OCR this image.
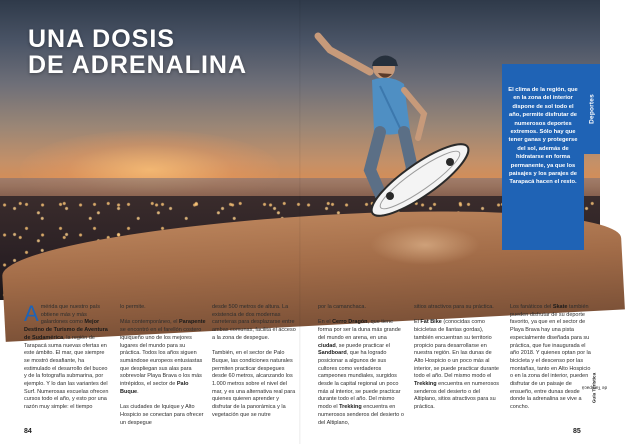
UNA DOSIS
DE ADRENALINA

El clima de la región, que en la zona del interior dispone de sol todo el año, permite disfrutar de numerosos deportes extremos. Sólo hay que tener ganas y protegerse del sol, además de hidratarse en forma permanente, ya que los paisajes y los parajes de Tarapacá hacen el resto.

Deportes

Amérida que nuestro país obtiene más y más galardones como Mejor Destino de Turismo de Aventura de Sudamérica, la región de Tarapacá suma nuevas ofertas en este ámbito. El mar, que siempre se mostró desafiante, ha estimulado el desarrollo del buceo y de la fotografía submarina, por ejemplo. Y lo dan las variantes del Surf. Numerosas escuelas ofrecen cursos todo el año, y esto por una razón muy simple: el tiempo

lo permite.

Más contemporáneo, el Parapente se encontró en el farellón costero iquiqueño uno de los mejores lugares del mundo para su práctica. Todos los años siguen sumándose europeos entusiastas que despliegan sus alas para sobrevolar Playa Brava o los más intrépidos, el sector de Palo Buque.

Las ciudades de Iquique y Alto Hospicio se conectan para ofrecer un despegue

desde 500 metros de altura. La existencia de dos modernas carreteras para desplazarse entre ambas comunas, facilita el acceso a la zona de despegue.

También, en el sector de Palo Buque, las condiciones naturales permiten practicar despegues desde 60 metros, alcanzando los 1.000 metros sobre el nivel del mar, y es una alternativa real para quienes quieren aprender y disfrutar de la panorámica y la vegetación que se nutre

por la camanchaca.

En el Cerro Dragón, que tiene forma por ser la duna más grande del mundo en arena, en una ciudad, se puede practicar el Sandboard, que ha logrado posicionar a algunos de sus cultores como verdaderos campeones mundiales, surgidos desde la capital regional un poco más al interior, se puede practicar durante todo el año. Del mismo modo el Trekking encuentra en numerosos senderos del desierto o del Altiplano,

sitios atractivos para su práctica.

El Fat Bike (conocidas como bicicletas de llantas gordas), también encuentran su territorio propicio para desarrollarse en nuestra región. En las dunas de Alto Hospicio o un poco más al interior, se puede practicar durante todo el año. Del mismo modo el Trekking encuentra en numerosos senderos del desierto o del Altiplano, sitios atractivos para su práctica.

Los fanáticos del Skate también pueden disfrutar de su deporte favorito, ya que en el sector de Playa Brava hay una pista especialmente diseñada para su práctica, que fue inaugurada el año 2018. Y quienes optan por la bicicleta y el descenso por las montañas, tanto en Alto Hospicio o en la zona del interior, pueden disfrutar de un paisaje de ensueño, entre dunas desde donde la adrenalina se vive a concho.

Guía Turística
de Tarapacá
84	85
